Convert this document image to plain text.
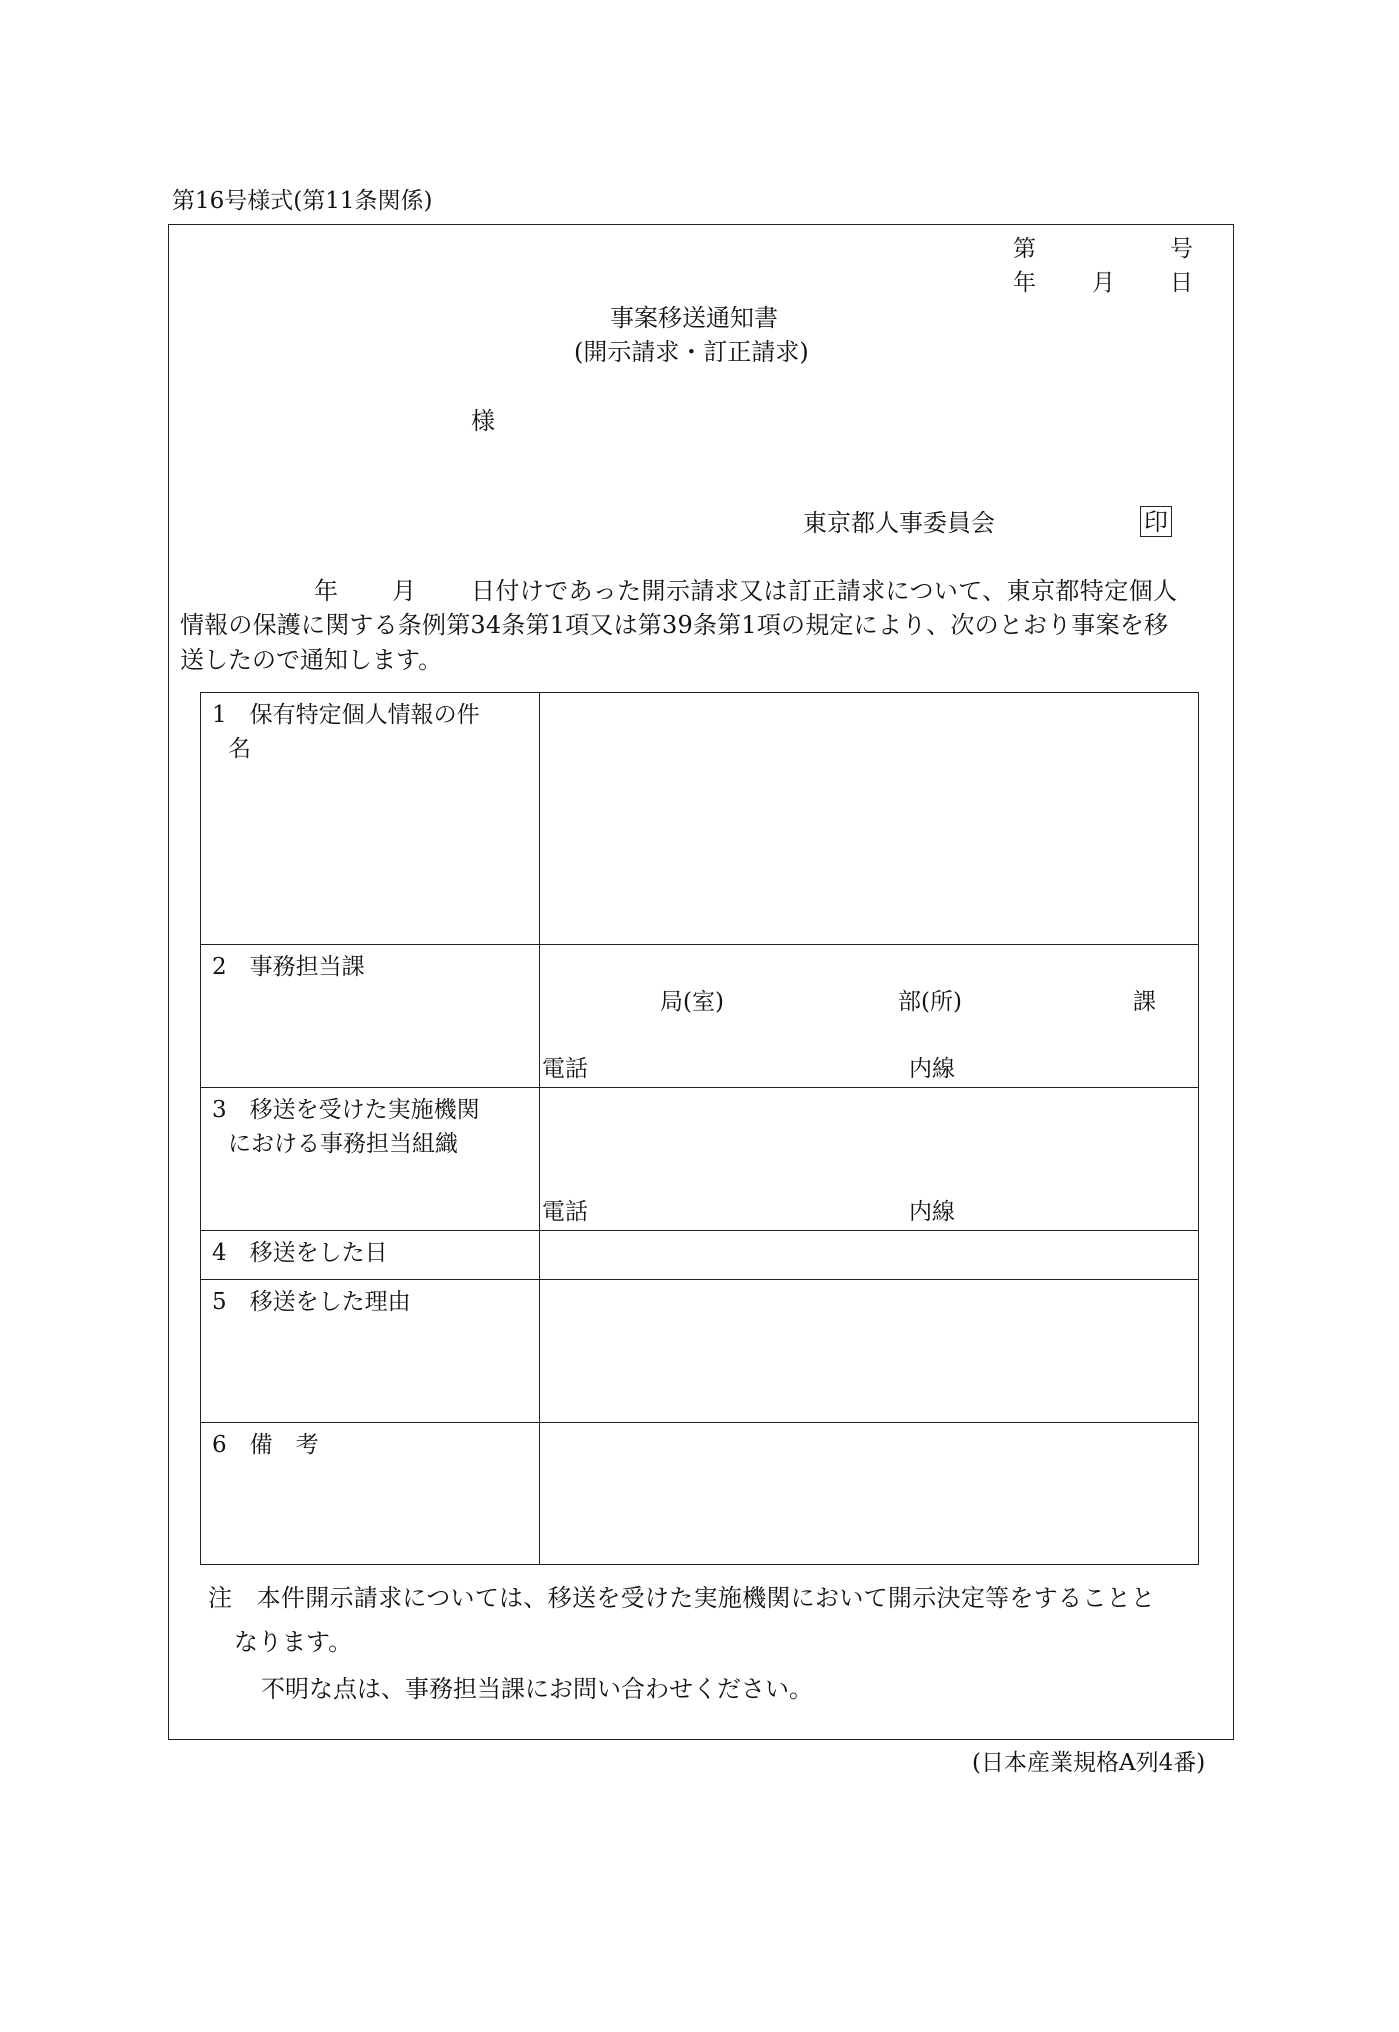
第16号様式(第11条関係)
第	号
年 月 日
事案移送通知書
(開示請求・訂正請求)
様
東京都人事委員会	印
年 月 日付けであった開示請求又は訂正請求について、東京都特定個人
情報の保護に関する条例第34条第1項又は第39条第1項の規定により、次のとおり事案を移
送したので通知します。
1　保有特定個人情報の件
名
2　事務担当課
局(室)	部(所)	課
電話	内線
3　移送を受けた実施機関
における事務担当組織
電話	内線
4　移送をした日
5　移送をした理由
6　備　考
注　本件開示請求については、移送を受けた実施機関において開示決定等をすることと
なります。
不明な点は、事務担当課にお問い合わせください。
(日本産業規格A列4番)
